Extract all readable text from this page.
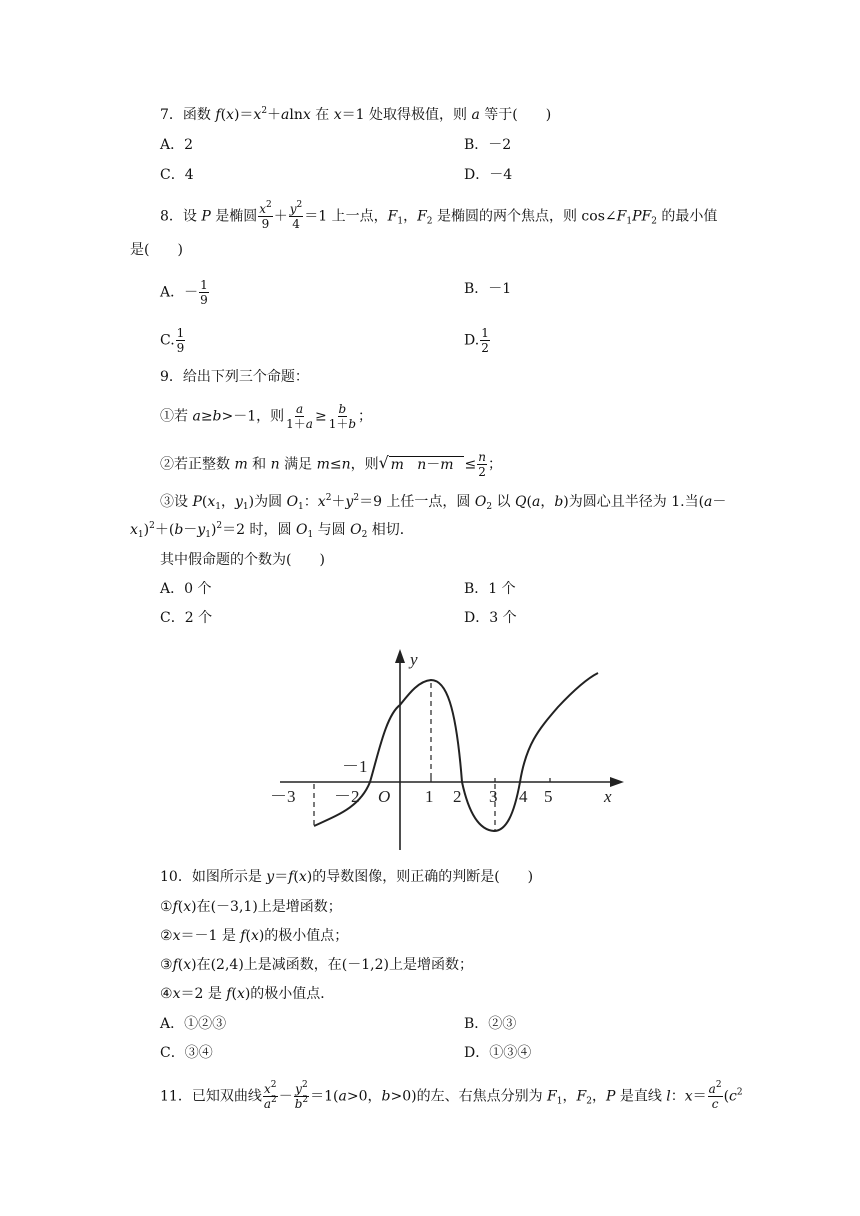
7．函数 $f(x)=x^2+alnx$ 在 x＝1 处取得极值，则 a 等于(　　)
A．2	B．－2
C．4	D．－4
8．设 P 是椭圆 $\frac{x^2}{9} + \frac{y^2}{4} =1$ 上一点，$F_1$，$F_2$ 是椭圆的两个焦点，则 $\cos\angle F_1PF_2$ 的最小值
是(　　)
A．－ $\frac{1}{9}$	B．－1
C. $\frac{1}{9}$	D. $\frac{1}{2}$
9．给出下列三个命题：
①若 a≥b>－1，则 $\frac{a}{1+a} \ge \frac{b}{1+b}$ ；
②若正整数 m 和 n 满足 m≤n，则 √ m $n-m \le \frac{n}{2}$ ；
③设 $P(x_1$，$y_1$)为圆 $O_1$：$x^2+y^2=9$ 上任一点，圆 $O_2$ 以 Q(a，b)为圆心且半径为 1.当(a－
$x_1)^2+(b-y_1)^2=2$ 时，圆 $O_1$ 与圆 $O_2$ 相切．
其中假命题的个数为(　　)
A．0 个	B．1 个
C．2 个	D．3 个
y
x
O
－3 －2	1 2 3 4 5
－1
10．如图所示是 y＝f(x)的导数图像，则正确的判断是(　　)
①f(x)在(－3,1)上是增函数；
②x＝－1 是 f(x)的极小值点；
③f(x)在(2,4)上是减函数，在(－1,2)上是增函数；
④x＝2 是 f(x)的极小值点．
A．①②③	B．②③
C．③④	D．①③④
11．已知双曲线 $\frac{x^2}{a^2} - \frac{y^2}{b^2} =1(a>0$，b>0)的左、右焦点分别为 $F_1$，$F_2$，P 是直线 l：$x= \frac{a^2}{c} (c^2$
